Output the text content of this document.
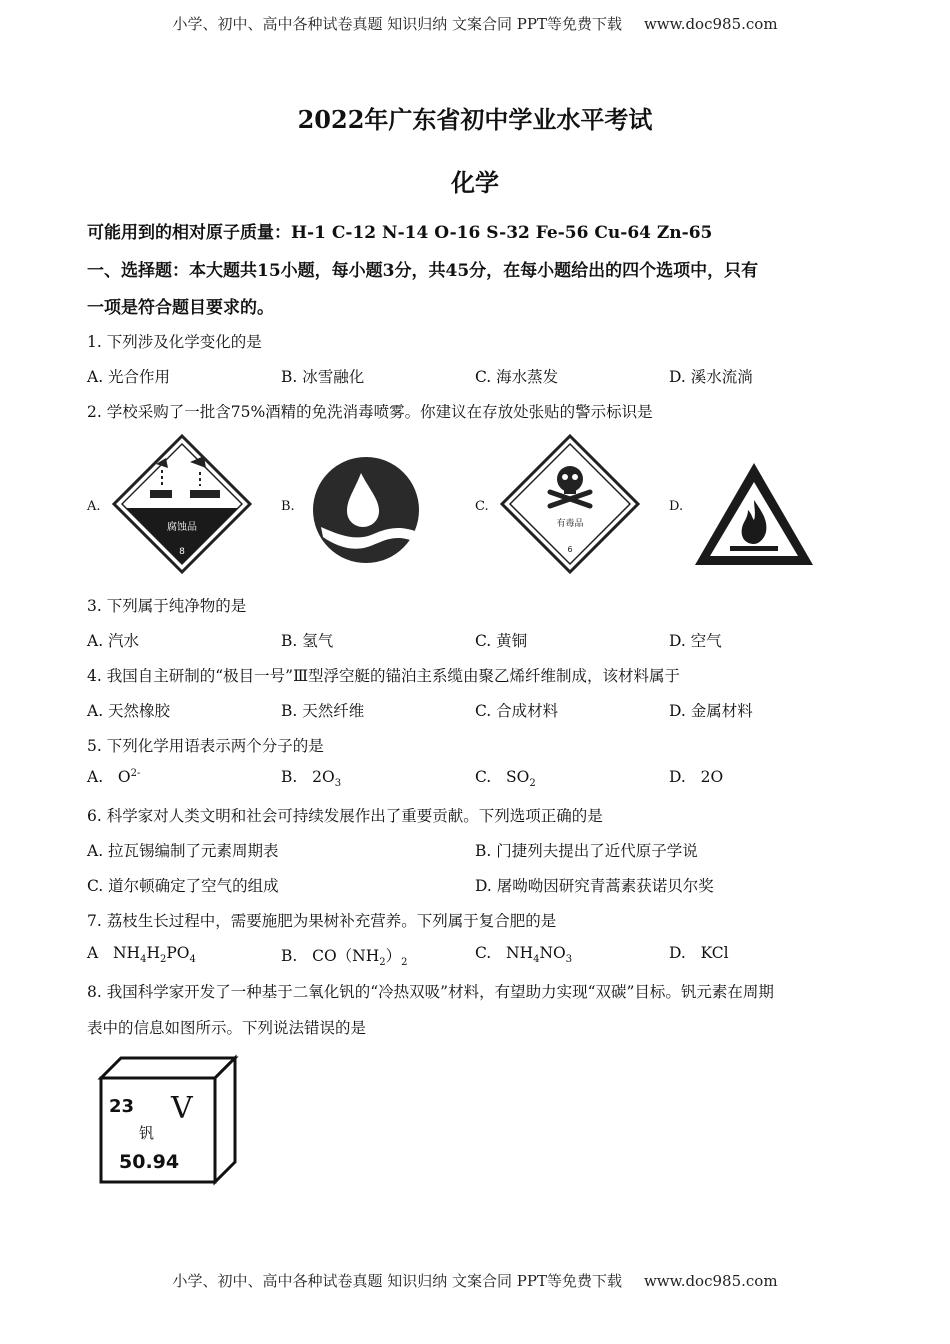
小学、初中、高中各种试卷真题 知识归纳 文案合同 PPT等免费下载 www.doc985.com
2022年广东省初中学业水平考试
化学
可能用到的相对原子质量：H-1 C-12 N-14 O-16 S-32 Fe-56 Cu-64 Zn-65
一、选择题：本大题共15小题，每小题3分，共45分，在每小题给出的四个选项中，只有
一项是符合题目要求的。
1. 下列涉及化学变化的是
A. 光合作用	B. 冰雪融化	C. 海水蒸发	D. 溪水流淌
2. 学校采购了一批含75%酒精的免洗消毒喷雾。你建议在存放处张贴的警示标识是
A.	B.	C.	D.
腐蚀品
8
有毒品
6
3. 下列属于纯净物的是
A. 汽水	B. 氢气	C. 黄铜	D. 空气
4. 我国自主研制的“极目一号”Ⅲ型浮空艇的锚泊主系缆由聚乙烯纤维制成，该材料属于
A. 天然橡胶	B. 天然纤维	C. 合成材料	D. 金属材料
5. 下列化学用语表示两个分子的是
A. $O^{2-}$	B. $2O_3$	C. $SO_2$	D. 2O
6. 科学家对人类文明和社会可持续发展作出了重要贡献。下列选项正确的是
A. 拉瓦锡编制了元素周期表	B. 门捷列夫提出了近代原子学说
C. 道尔顿确定了空气的组成	D. 屠呦呦因研究青蒿素获诺贝尔奖
7. 荔枝生长过程中，需要施肥为果树补充营养。下列属于复合肥的是
A $NH_4H_2PO_4$	B. $CO(NH_2)_2$
C. $NH_4NO_3$	D. KCl
8. 我国科学家开发了一种基于二氧化钒的“冷热双吸”材料，有望助力实现“双碳”目标。钒元素在周期
表中的信息如图所示。下列说法错误的是
23 V
钒
50.94
小学、初中、高中各种试卷真题 知识归纳 文案合同 PPT等免费下载 www.doc985.com
